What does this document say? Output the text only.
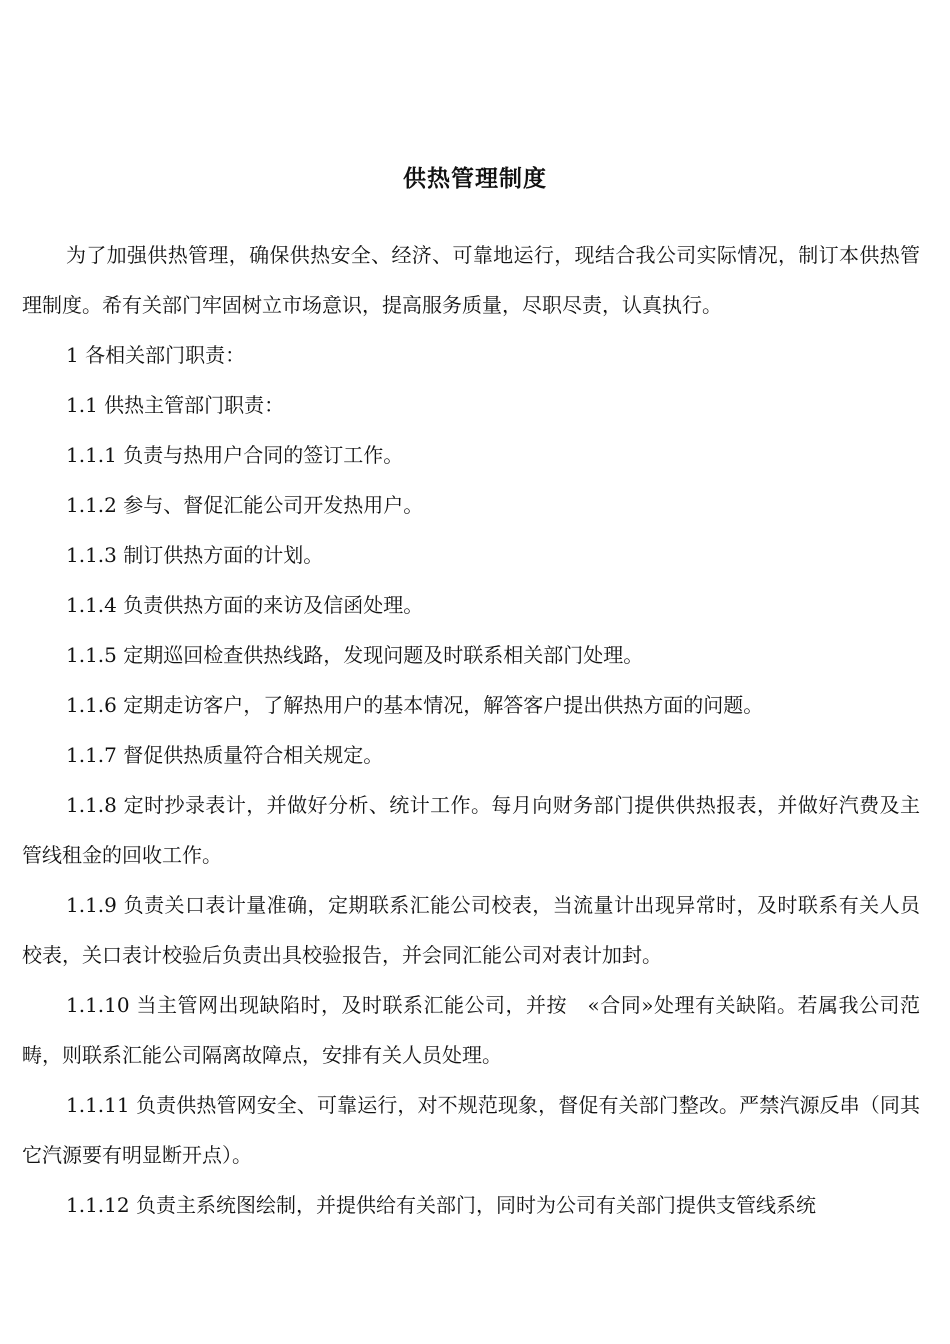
供热管理制度

为了加强供热管理，确保供热安全、经济、可靠地运行，现结合我公司实际情况，制订本供热管理制度。希有关部门牢固树立市场意识，提高服务质量，尽职尽责，认真执行。

1 各相关部门职责：

1.1 供热主管部门职责：

1.1.1 负责与热用户合同的签订工作。

1.1.2 参与、督促汇能公司开发热用户。

1.1.3 制订供热方面的计划。

1.1.4 负责供热方面的来访及信函处理。

1.1.5 定期巡回检查供热线路，发现问题及时联系相关部门处理。

1.1.6 定期走访客户，了解热用户的基本情况，解答客户提出供热方面的问题。

1.1.7 督促供热质量符合相关规定。

1.1.8 定时抄录表计，并做好分析、统计工作。每月向财务部门提供供热报表，并做好汽费及主管线租金的回收工作。

1.1.9 负责关口表计量准确，定期联系汇能公司校表，当流量计出现异常时，及时联系有关人员校表，关口表计校验后负责出具校验报告，并会同汇能公司对表计加封。

1.1.10 当主管网出现缺陷时，及时联系汇能公司，并按　«合同»处理有关缺陷。若属我公司范畴，则联系汇能公司隔离故障点，安排有关人员处理。

1.1.11 负责供热管网安全、可靠运行，对不规范现象，督促有关部门整改。严禁汽源反串（同其它汽源要有明显断开点）。

1.1.12 负责主系统图绘制，并提供给有关部门，同时为公司有关部门提供支管线系统
